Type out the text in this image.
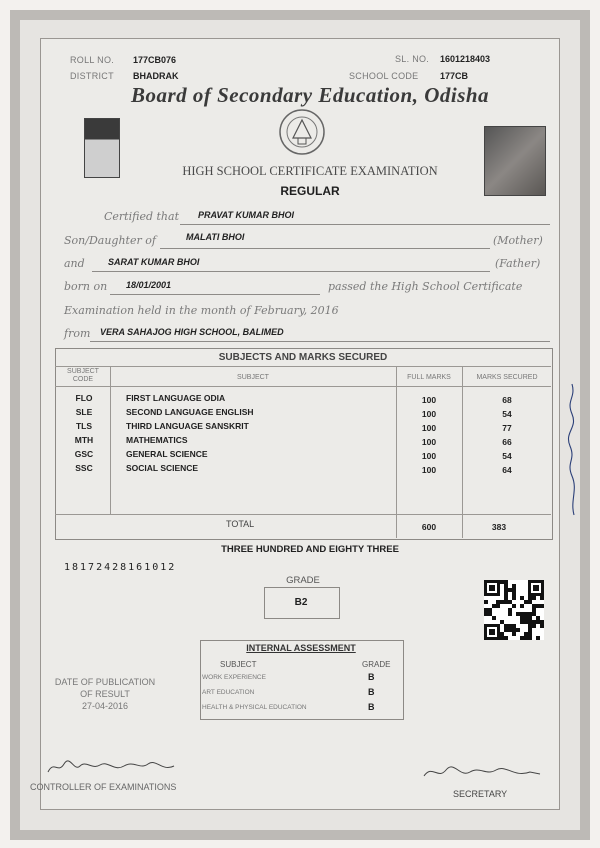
ROLL NO. 177CB076
DISTRICT BHADRAK
SL. NO. 1601218403
SCHOOL CODE 177CB
Board of Secondary Education, Odisha
HIGH SCHOOL CERTIFICATE EXAMINATION
REGULAR
Certified that PRAVAT KUMAR BHOI
Son/Daughter of	MALATI BHOI	(Mother)
and	SARAT KUMAR BHOI	(Father)
born on 18/01/2001	passed the High School Certificate
Examination held in the month of February, 2016
from VERA SAHAJOG HIGH SCHOOL, BALIMED
SUBJECTS AND MARKS SECURED
SUBJECT CODE	SUBJECT	FULL MARKS	MARKS SECURED
FLO	FIRST LANGUAGE ODIA	100	68
SLE	SECOND LANGUAGE ENGLISH	100	54
TLS	THIRD LANGUAGE SANSKRIT	100	77
MTH	MATHEMATICS	100	66
GSC	GENERAL SCIENCE	100	54
SSC	SOCIAL SCIENCE	100	64
TOTAL	600	383
THREE HUNDRED AND EIGHTY THREE
18172428161012
GRADE
B2
INTERNAL ASSESSMENT
SUBJECT	GRADE
WORK EXPERIENCE	B
ART EDUCATION	B
HEALTH & PHYSICAL EDUCATION	B
DATE OF PUBLICATION
OF RESULT
27-04-2016
CONTROLLER OF EXAMINATIONS
SECRETARY
